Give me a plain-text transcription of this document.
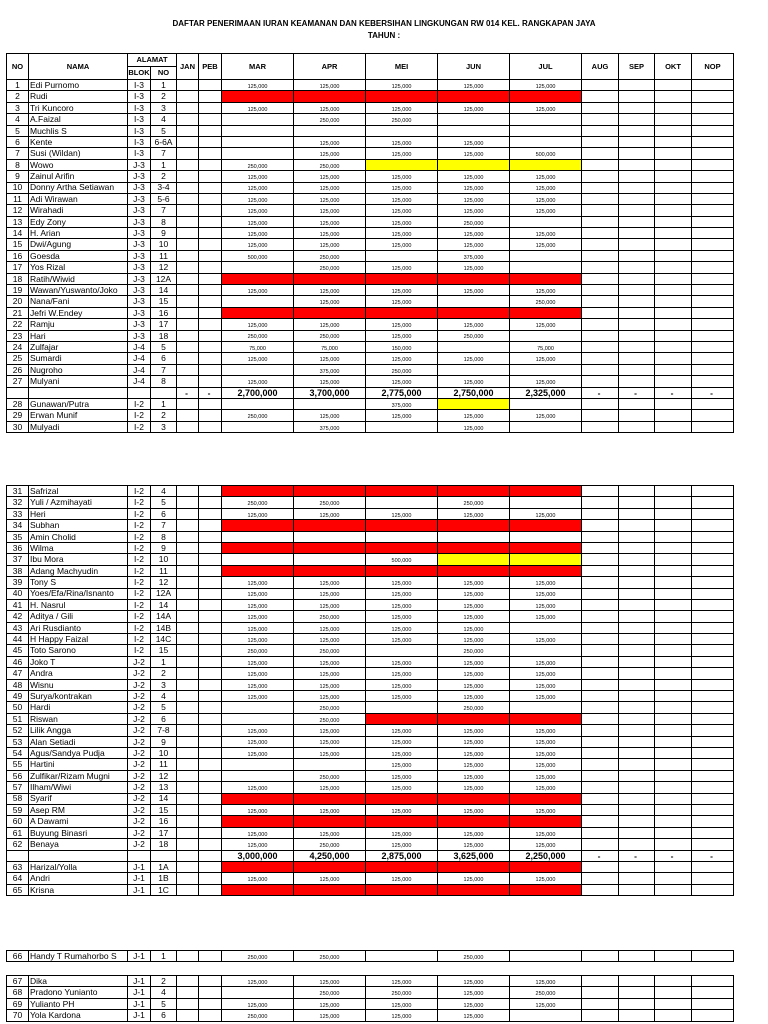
DAFTAR PENERIMAAN IURAN KEAMANAN DAN KEBERSIHAN LINGKUNGAN RW 014 KEL. RANGKAPAN JAYA
TAHUN :
NO	NAMA	ALAMAT		JAN	PEB	MAR	APR	MEI	JUN	JUL	AUG	SEP	OKT	NOP
		BLOK	NO											
1	Edi Purnomo	I-3	1			125,000	125,000	125,000	125,000	125,000				
2	Rudi	I-3	2											
3	Tri Kuncoro	I-3	3			125,000	125,000	125,000	125,000	125,000				
4	A.Faizal	I-3	4				250,000	250,000						
5	Muchlis S	I-3	5											
6	Kente	I-3	6-6A				125,000	125,000	125,000					
7	Susi (Wildan)	I-3	7				125,000	125,000	125,000	500,000				
8	Wowo	J-3	1			250,000	250,000							
9	Zainul Arifin	J-3	2			125,000	125,000	125,000	125,000	125,000				
10	Donny Artha Setiawan	J-3	3-4			125,000	125,000	125,000	125,000	125,000				
11	Adi Wirawan	J-3	5-6			125,000	125,000	125,000	125,000	125,000				
12	Wirahadi	J-3	7			125,000	125,000	125,000	125,000	125,000				
13	Edy Zony	J-3	8			125,000	125,000	125,000	250,000					
14	H. Arian	J-3	9			125,000	125,000	125,000	125,000	125,000				
15	Dwi/Agung	J-3	10			125,000	125,000	125,000	125,000	125,000				
16	Goesda	J-3	11			500,000	250,000		375,000					
17	Yos Rizal	J-3	12				250,000	125,000	125,000					
18	Ratih/Wiwid	J-3	12A											
19	Wawan/Yuswanto/Joko	J-3	14			125,000	125,000	125,000	125,000	125,000				
20	Nana/Fani	J-3	15				125,000	125,000		250,000				
21	Jefri W.Endey	J-3	16											
22	Ramju	J-3	17			125,000	125,000	125,000	125,000	125,000				
23	Hari	J-3	18			250,000	250,000	125,000	250,000					
24	Zulfajar	J-4	5			75,000	75,000	150,000		75,000				
25	Sumardi	J-4	6			125,000	125,000	125,000	125,000	125,000				
26	Nugroho	J-4	7				375,000	250,000						
27	Mulyani	J-4	8			125,000	125,000	125,000	125,000	125,000				
				-	-	2,700,000	3,700,000	2,775,000	2,750,000	2,325,000	-	-	-	-
28	Gunawan/Putra	I-2	1					375,000						
29	Erwan Munif	I-2	2			250,000	125,000	125,000	125,000	125,000				
30	Mulyadi	I-2	3				375,000		125,000					
31	Safrizal	I-2	4											
32	Yuli / Azmihayati	I-2	5			250,000	250,000		250,000					
33	Heri	I-2	6			125,000	125,000	125,000	125,000	125,000				
34	Subhan	I-2	7											
35	Amin Cholid	I-2	8											
36	Wilma	I-2	9											
37	Ibu Mora	I-2	10					500,000						
38	Adang Machyudin	I-2	11											
39	Tony S	I-2	12			125,000	125,000	125,000	125,000	125,000				
40	Yoes/Efa/Rina/Isnanto	I-2	12A			125,000	125,000	125,000	125,000	125,000				
41	H. Nasrul	I-2	14			125,000	125,000	125,000	125,000	125,000				
42	Aditya / Gili	I-2	14A			125,000	250,000	125,000	125,000	125,000				
43	Ari Rusdianto	I-2	14B			125,000	125,000	125,000	125,000					
44	H Happy Faizal	I-2	14C			125,000	125,000	125,000	125,000	125,000				
45	Toto Sarono	I-2	15			250,000	250,000		250,000					
46	Joko T	J-2	1			125,000	125,000	125,000	125,000	125,000				
47	Andra	J-2	2			125,000	125,000	125,000	125,000	125,000				
48	Wisnu	J-2	3			125,000	125,000	125,000	125,000	125,000				
49	Surya/kontrakan	J-2	4			125,000	125,000	125,000	125,000	125,000				
50	Hardi	J-2	5				250,000		250,000					
51	Riswan	J-2	6				250,000							
52	Lilik Angga	J-2	7-8			125,000	125,000	125,000	125,000	125,000				
53	Alan Setiadi	J-2	9			125,000	125,000	125,000	125,000	125,000				
54	Agus/Sandya Pudja	J-2	10			125,000	125,000	125,000	125,000	125,000				
55	Hartini	J-2	11					125,000	125,000	125,000				
56	Zulfikar/Rizam Mugni	J-2	12				250,000	125,000	125,000	125,000				
57	Ilham/Wiwi	J-2	13			125,000	125,000	125,000	125,000	125,000				
58	Syarif	J-2	14											
59	Asep RM	J-2	15			125,000	125,000	125,000	125,000	125,000				
60	A Dawami	J-2	16											
61	Buyung Binasri	J-2	17			125,000	125,000	125,000	125,000	125,000				
62	Benaya	J-2	18			125,000	250,000	125,000	125,000	125,000				
						3,000,000	4,250,000	2,875,000	3,625,000	2,250,000	-	-	-	-
63	Harizal/Yolla	J-1	1A											
64	Andri	J-1	1B			125,000	125,000	125,000	125,000	125,000				
65	Krisna	J-1	1C											
66	Handy T Rumahorbo S	J-1	1			250,000	250,000		250,000					
67	Dika	J-1	2			125,000	125,000	125,000	125,000	125,000				
68	Pradono Yunianto	J-1	4				250,000	250,000	125,000	250,000				
69	Yulianto PH	J-1	5			125,000	125,000	125,000	125,000	125,000				
70	Yola Kardona	J-1	6			250,000	125,000	125,000	125,000					
